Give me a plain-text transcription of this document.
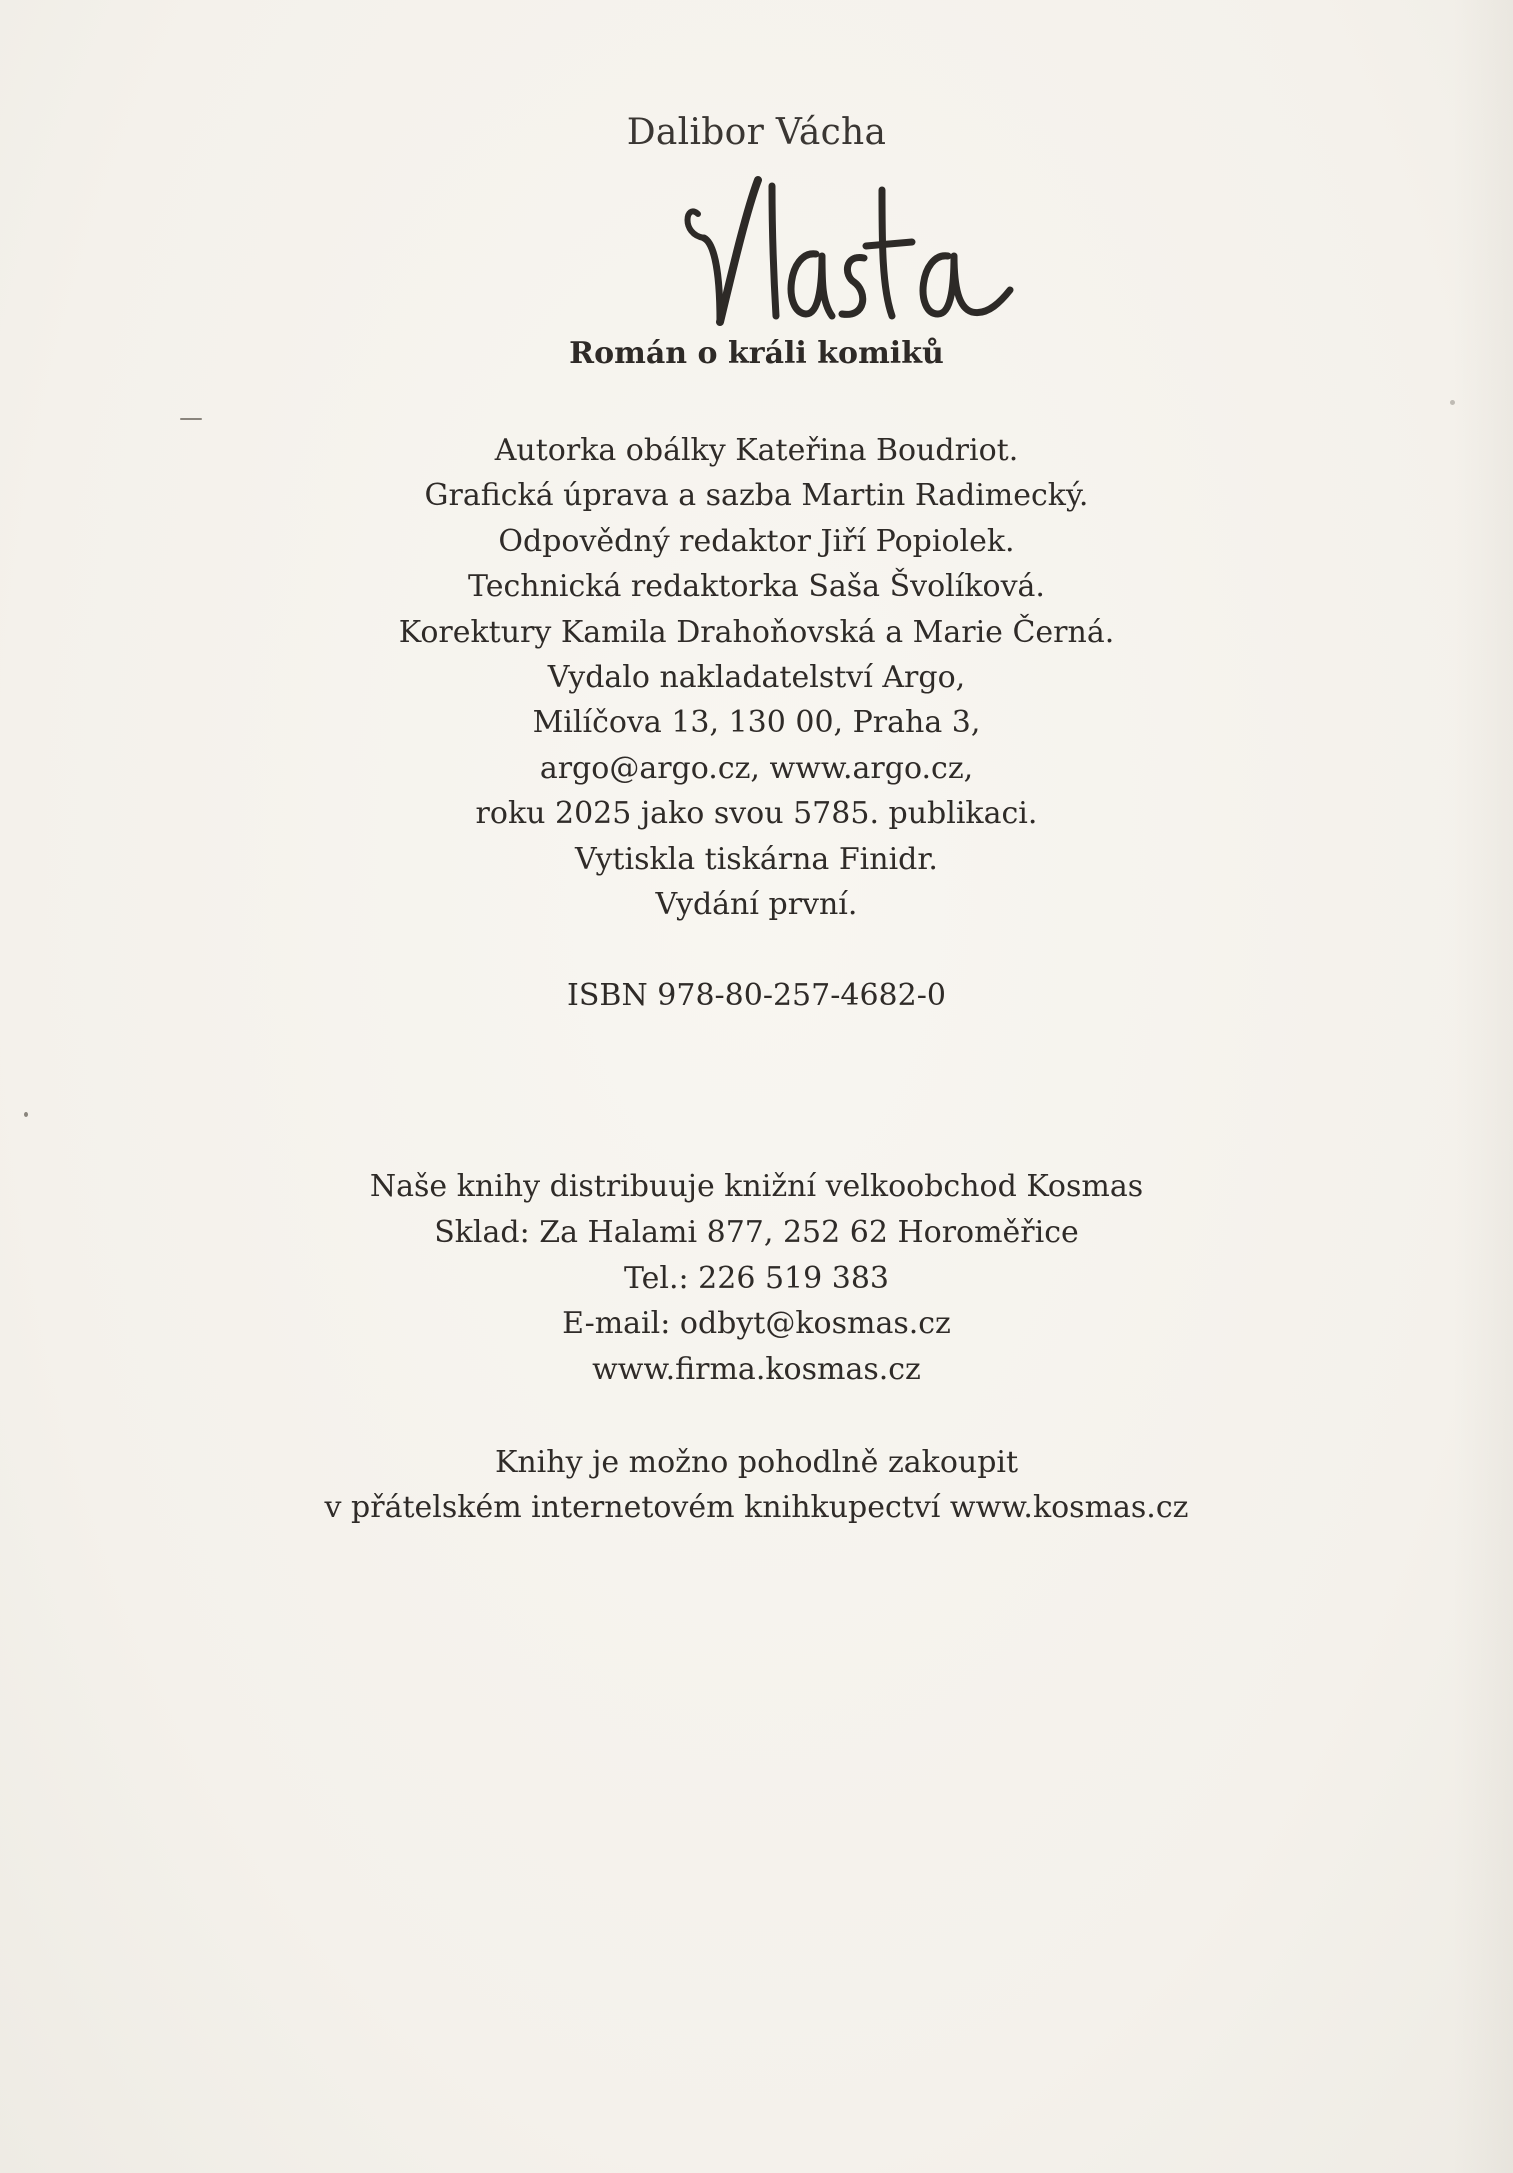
Dalibor Vácha
Román o králi komiků
Autorka obálky Kateřina Boudriot.
Grafická úprava a sazba Martin Radimecký.
Odpovědný redaktor Jiří Popiolek.
Technická redaktorka Saša Švolíková.
Korektury Kamila Drahoňovská a Marie Černá.
Vydalo nakladatelství Argo,
Milíčova 13, 130 00, Praha 3,
argo@argo.cz, www.argo.cz,
roku 2025 jako svou 5785. publikaci.
Vytiskla tiskárna Finidr.
Vydání první.
ISBN 978-80-257-4682-0
Naše knihy distribuuje knižní velkoobchod Kosmas
Sklad: Za Halami 877, 252 62 Horoměřice
Tel.: 226 519 383
E-mail: odbyt@kosmas.cz
www.firma.kosmas.cz
Knihy je možno pohodlně zakoupit
v přátelském internetovém knihkupectví www.kosmas.cz
